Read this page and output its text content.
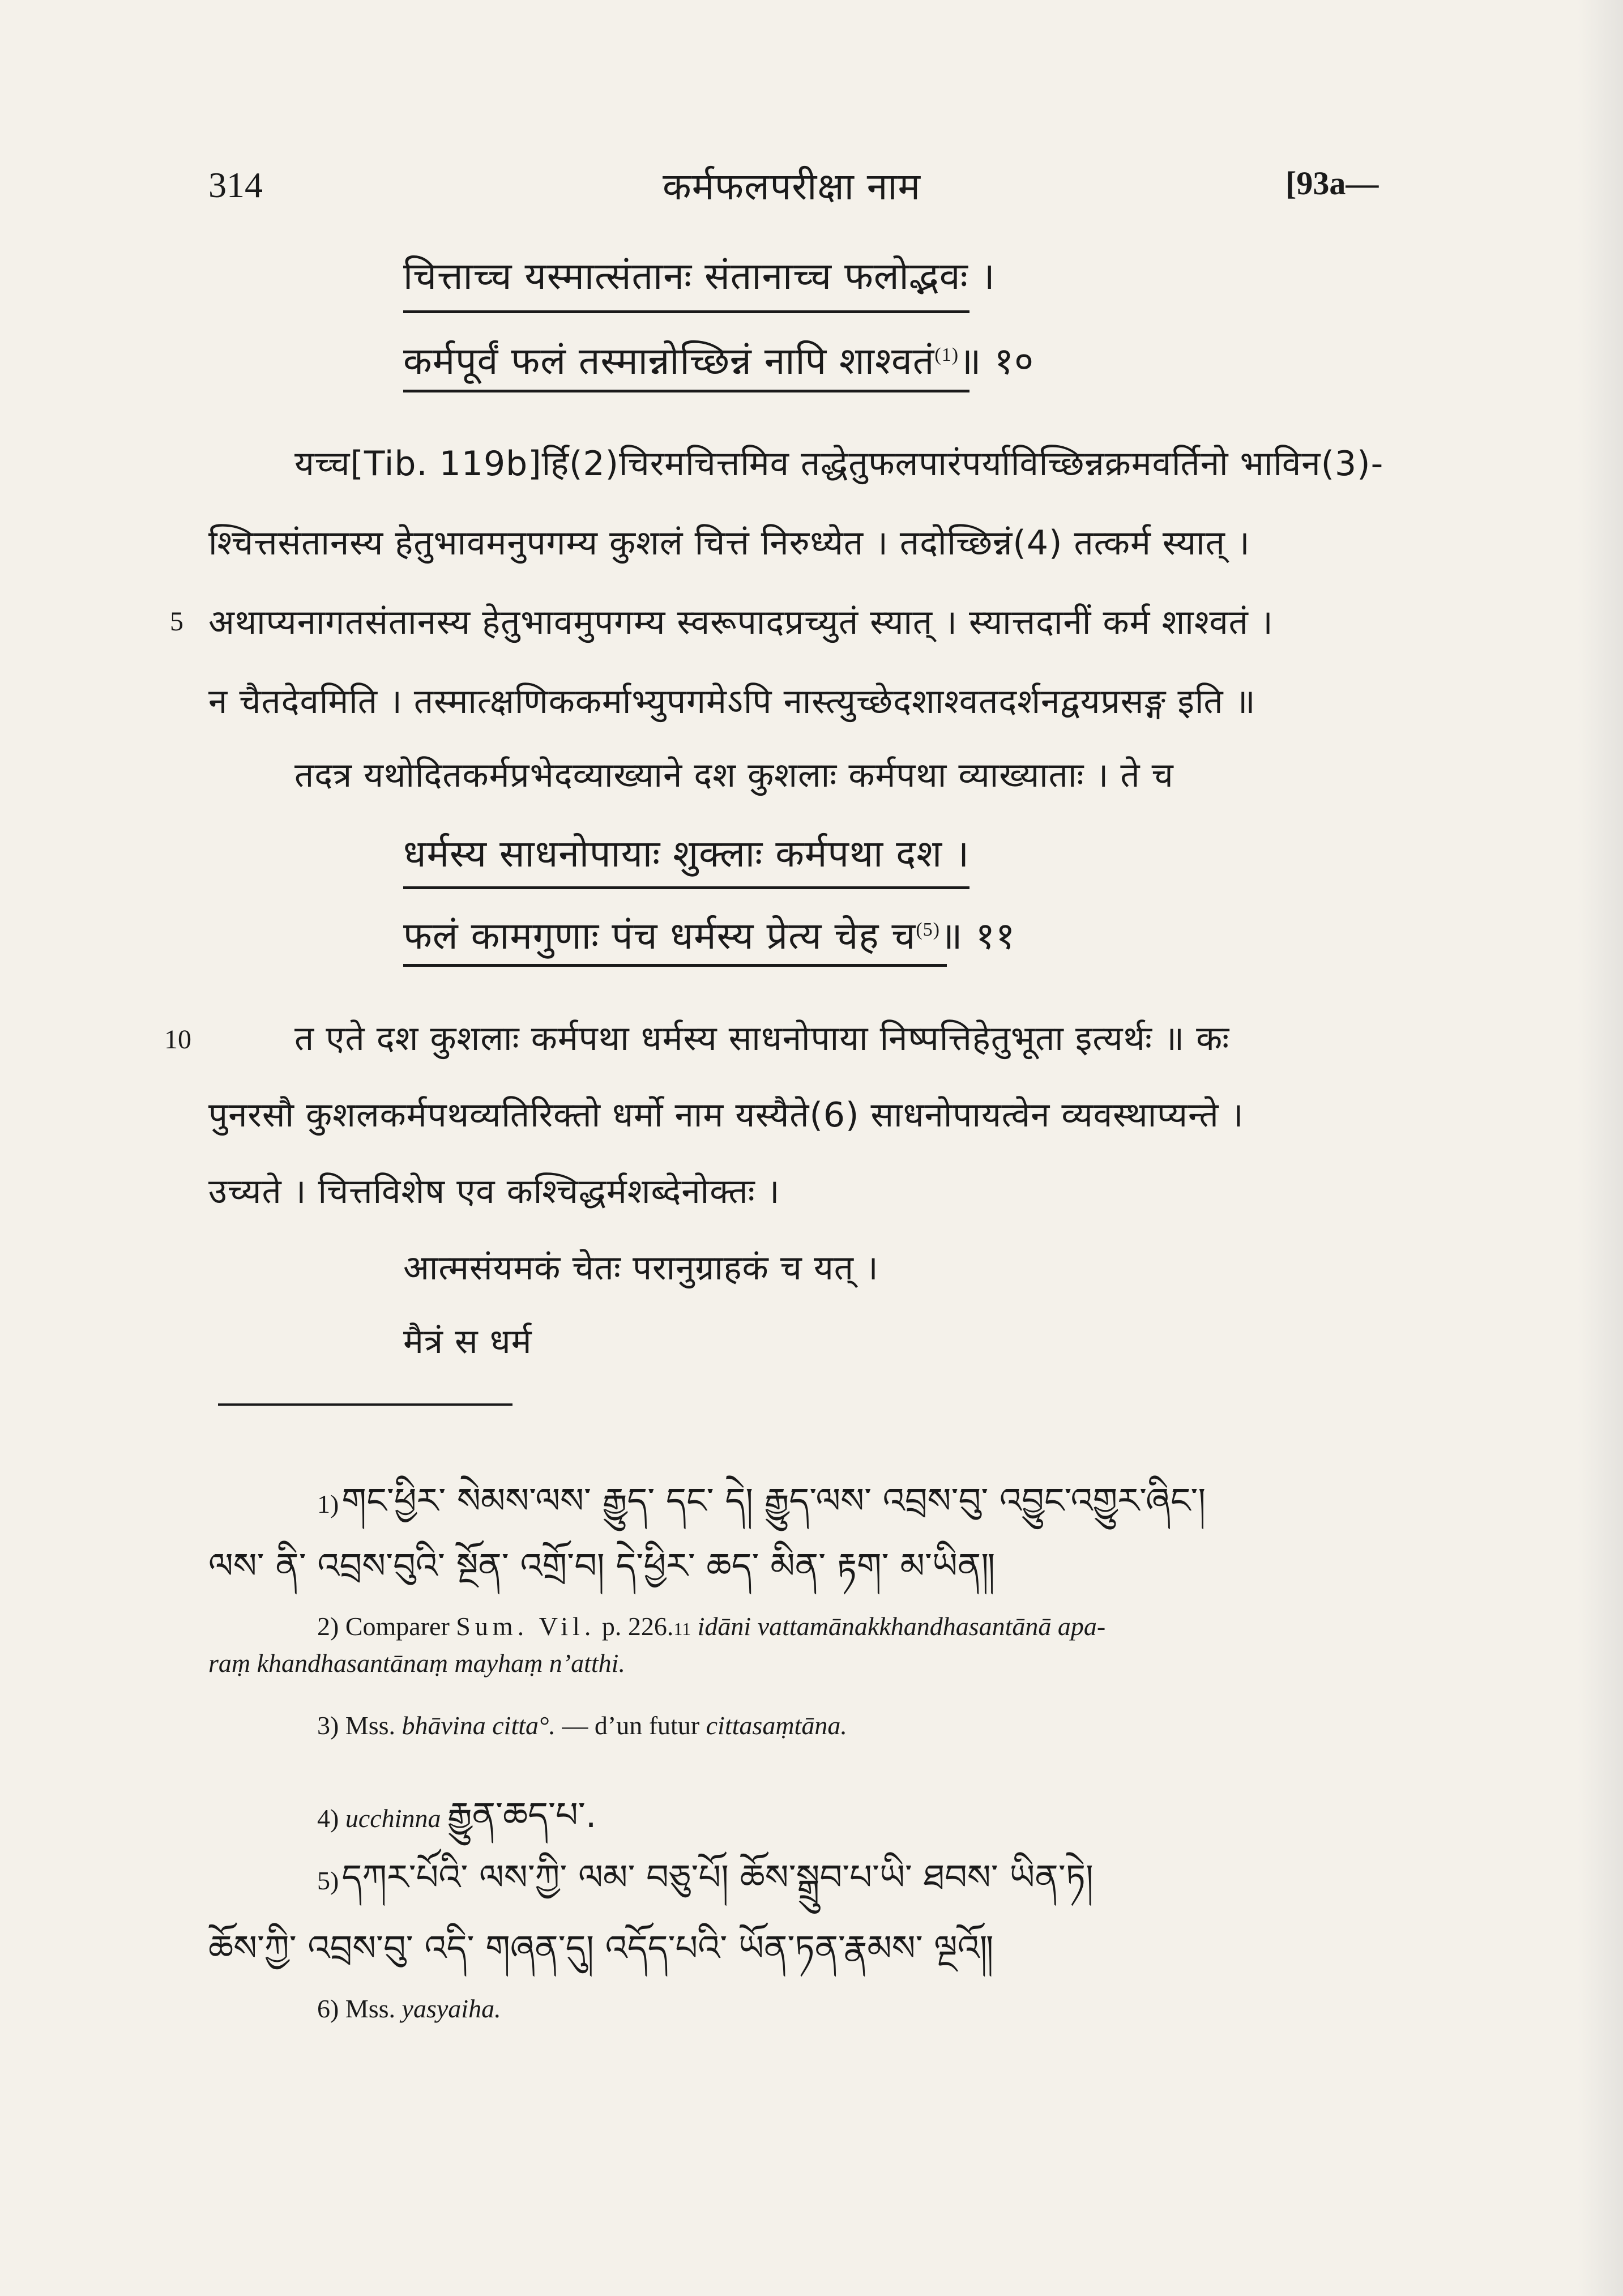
314	कर्मफलपरीक्षा नाम	[93a—
चित्ताच्च यस्मात्संतानः संतानाच्च फलोद्भवः ।
कर्मपूर्वं फलं तस्मान्नोच्छिन्नं नापि शाश्वतं$^{(1)}$॥ १०
यच्च[Tib. 119b]र्हि(2)चिरमचित्तमिव तद्धेतुफलपारंपर्याविच्छिन्नक्रमवर्तिनो भाविन(3)-
श्चित्तसंतानस्य हेतुभावमनुपगम्य कुशलं चित्तं निरुध्येत । तदोच्छिन्नं(4) तत्कर्म स्यात् ।
5 अथाप्यनागतसंतानस्य हेतुभावमुपगम्य स्वरूपादप्रच्युतं स्यात् । स्यात्तदानीं कर्म शाश्वतं ।
न चैतदेवमिति । तस्मात्क्षणिककर्माभ्युपगमेऽपि नास्त्युच्छेदशाश्वतदर्शनद्वयप्रसङ्ग इति ॥
तदत्र यथोदितकर्मप्रभेदव्याख्याने दश कुशलाः कर्मपथा व्याख्याताः । ते च
धर्मस्य साधनोपायाः शुक्लाः कर्मपथा दश ।
फलं कामगुणाः पंच धर्मस्य प्रेत्य चेह च$^{(5)}$॥ ११
10	त एते दश कुशलाः कर्मपथा धर्मस्य साधनोपाया निष्पत्तिहेतुभूता इत्यर्थः ॥ कः
पुनरसौ कुशलकर्मपथव्यतिरिक्तो धर्मो नाम यस्यैते(6) साधनोपायत्वेन व्यवस्थाप्यन्ते ।
उच्यते । चित्तविशेष एव कश्चिद्धर्मशब्देनोक्तः ।
आत्मसंयमकं चेतः परानुग्राहकं च यत् ।
मैत्रं स धर्म
1) གང་ཕྱིར་ སེམས་ལས་ རྒྱུད་ དང་ དེ། རྒྱུད་ལས་ འབྲས་བུ་ འབྱུང་འགྱུར་ཞིང་།
ལས་ ནི་ འབྲས་བུའི་ སྔོན་ འགྲོ་བ། དེ་ཕྱིར་ ཆད་ མིན་ རྟག་ མ་ཡིན༎
2) Comparer Sum. Vil. p. 226.11 idāni vattamānakkhandhasantānā apa-
raṃ khandhasantānaṃ mayhaṃ n’atthi.
3) Mss. bhāvina citta°. — d’un futur cittasaṃtāna.
4) ucchinna རྒྱུན་ཆད་པ་.
5) དཀར་པོའི་ ལས་ཀྱི་ ལམ་ བཅུ་པོ། ཆོས་སྒྲུབ་པ་ཡི་ ཐབས་ ཡིན་ཏེ།
ཆོས་ཀྱི་ འབྲས་བུ་ འདི་ གཞན་དུ། འདོད་པའི་ ཡོན་ཏན་རྣམས་ ལྔའོ༎
6) Mss. yasyaiha.
